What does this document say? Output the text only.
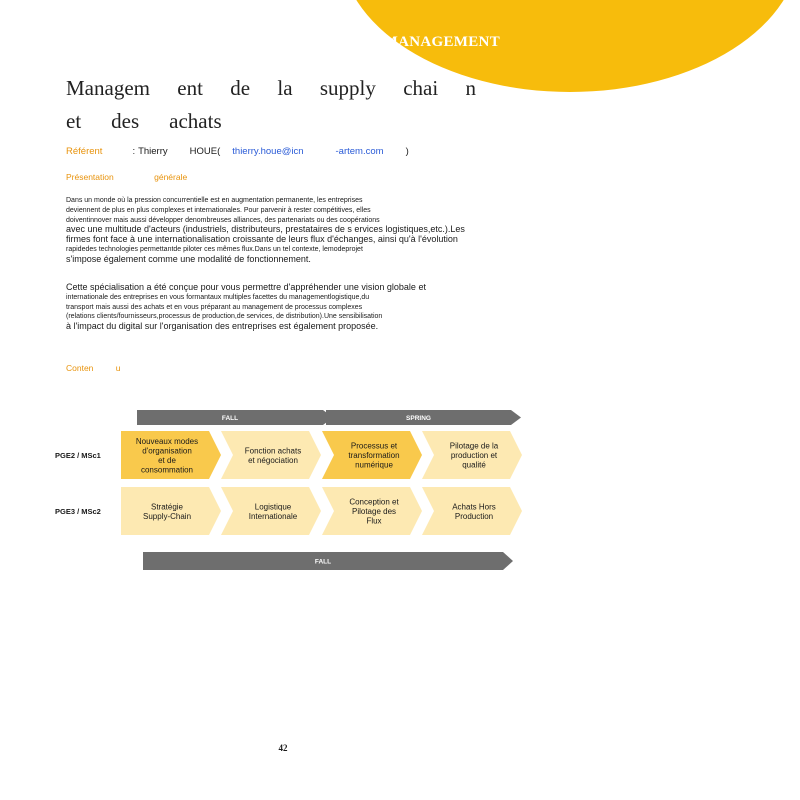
MANAGEMENT
Managem ent de la supply chai n
et des achats
Référent	: Thierry HOUE( thierry.houe@icn	-artem.com )
Présentation	générale
Dans un monde où la pression concurrentielle est en augmentation permanente, les entreprises
deviennent de plus en plus complexes et internationales. Pour parvenir à rester compétitives, elles
doiventinnover mais aussi développer denombreuses alliances, des partenariats ou des coopérations
avec une multitude d'acteurs (industriels, distributeurs, prestataires de s ervices logistiques,etc.).Les
firmes font face à une internationalisation croissante de leurs flux d'échanges, ainsi qu'à l'évolution
rapidedes technologies permettantde piloter ces mêmes flux.Dans un tel contexte, lemodeprojet
s'impose également comme une modalité de fonctionnement.
Cette spécialisation a été conçue pour vous permettre d'appréhender une vision globale et
internationale des entreprises en vous formantaux multiples facettes du managementlogistique,du
transport mais aussi des achats et en vous préparant au management de processus complexes
(relations clients/fournisseurs,processus de production,de services, de distribution).Une sensibilisation
à l'impact du digital sur l'organisation des entreprises est également proposée.
Conten	u
FALL	SPRING
FALL
PGE2 / MSc1
Nouveaux modes d'organisation et de consommation
Fonction achats et négociation
Processus et transformation numérique
Pilotage de la production et qualité
PGE3 / MSc2
Stratégie Supply-Chain
Logistique Internationale
Conception et Pilotage des Flux
Achats Hors Production
42
